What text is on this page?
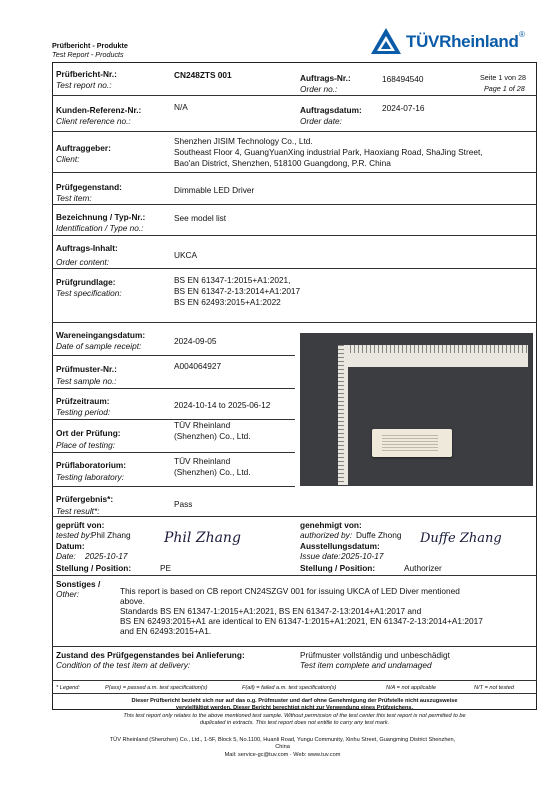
Prüfbericht - Produkte
Test Report - Products
TÜVRheinland ®
Prüfbericht-Nr.:
Test report no.:
CN248ZTS 001	Auftrags-Nr.:
Order no.:
168494540	Seite 1 von 28
Page 1 of 28
Kunden-Referenz-Nr.:
Client reference no.:
N/A	Auftragsdatum:
Order date:
2024-07-16
Auftraggeber:
Client:
Shenzhen JISIM Technology Co., Ltd.
Southeast Floor 4, GuangYuanXing industrial Park, Haoxiang Road, ShaJing Street,
Bao'an District, Shenzhen, 518100 Guangdong, P.R. China
Prüfgegenstand:
Test item:
Dimmable LED Driver
Bezeichnung / Typ-Nr.:
Identification / Type no.:
See model list
Auftrags-Inhalt:
Order content:
UKCA
Prüfgrundlage:
Test specification:
BS EN 61347-1:2015+A1:2021,
BS EN 61347-2-13:2014+A1:2017
BS EN 62493:2015+A1:2022
Wareneingangsdatum:
Date of sample receipt:	2024-09-05
Prüfmuster-Nr.:
Test sample no.:
A004064927
Prüfzeitraum:
Testing period:
2024-10-14 to 2025-06-12
Ort der Prüfung:
Place of testing:
TÜV Rheinland
(Shenzhen) Co., Ltd.
Prüflaboratorium:
Testing laboratory:
TÜV Rheinland
(Shenzhen) Co., Ltd.
Prüfergebnis*:
Test result*:
Pass
geprüft von:
tested by: Phil Zhang
Datum:
Date: 2025-10-17
Phil Zhang
Stellung / Position:	PE
genehmigt von:
authorized by: Duffe Zhong
Ausstellungsdatum:
Issue date: 2025-10-17
Duffe Zhang
Stellung / Position:	Authorizer
Sonstiges /
Other:	This report is based on CB report CN24SZGV 001 for issuing UKCA of LED Diver mentioned
above.
Standards BS EN 61347-1:2015+A1:2021, BS EN 61347-2-13:2014+A1:2017 and
BS EN 62493:2015+A1 are identical to EN 61347-1:2015+A1:2021, EN 61347-2-13:2014+A1:2017
and EN 62493:2015+A1.
Zustand des Prüfgegenstandes bei Anlieferung:
Condition of the test item at delivery:
Prüfmuster vollständig und unbeschädigt
Test item complete and undamaged
* Legend:	P(ass) = passed a.m. test specification(s)	F(ail) = failed a.m. test specification(s)	N/A = not applicable	N/T = not tested
Dieser Prüfbericht bezieht sich nur auf das o.g. Prüfmuster und darf ohne Genehmigung der Prüfstelle nicht auszugsweise
vervielfältigt werden. Dieser Bericht berechtigt nicht zur Verwendung eines Prüfzeichens.
This test report only relates to the above mentioned test sample. Without permission of the test center this test report is not permitted to be
duplicated in extracts. This test report does not entitle to carry any test mark.
TÜV Rheinland (Shenzhen) Co., Ltd., 1-5F, Block 5, No.1100, Huanli Road, Yungu Community, Xinhu Street, Guangming District Shenzhen,
China
Mail: service-gc@tuv.com · Web: www.tuv.com
